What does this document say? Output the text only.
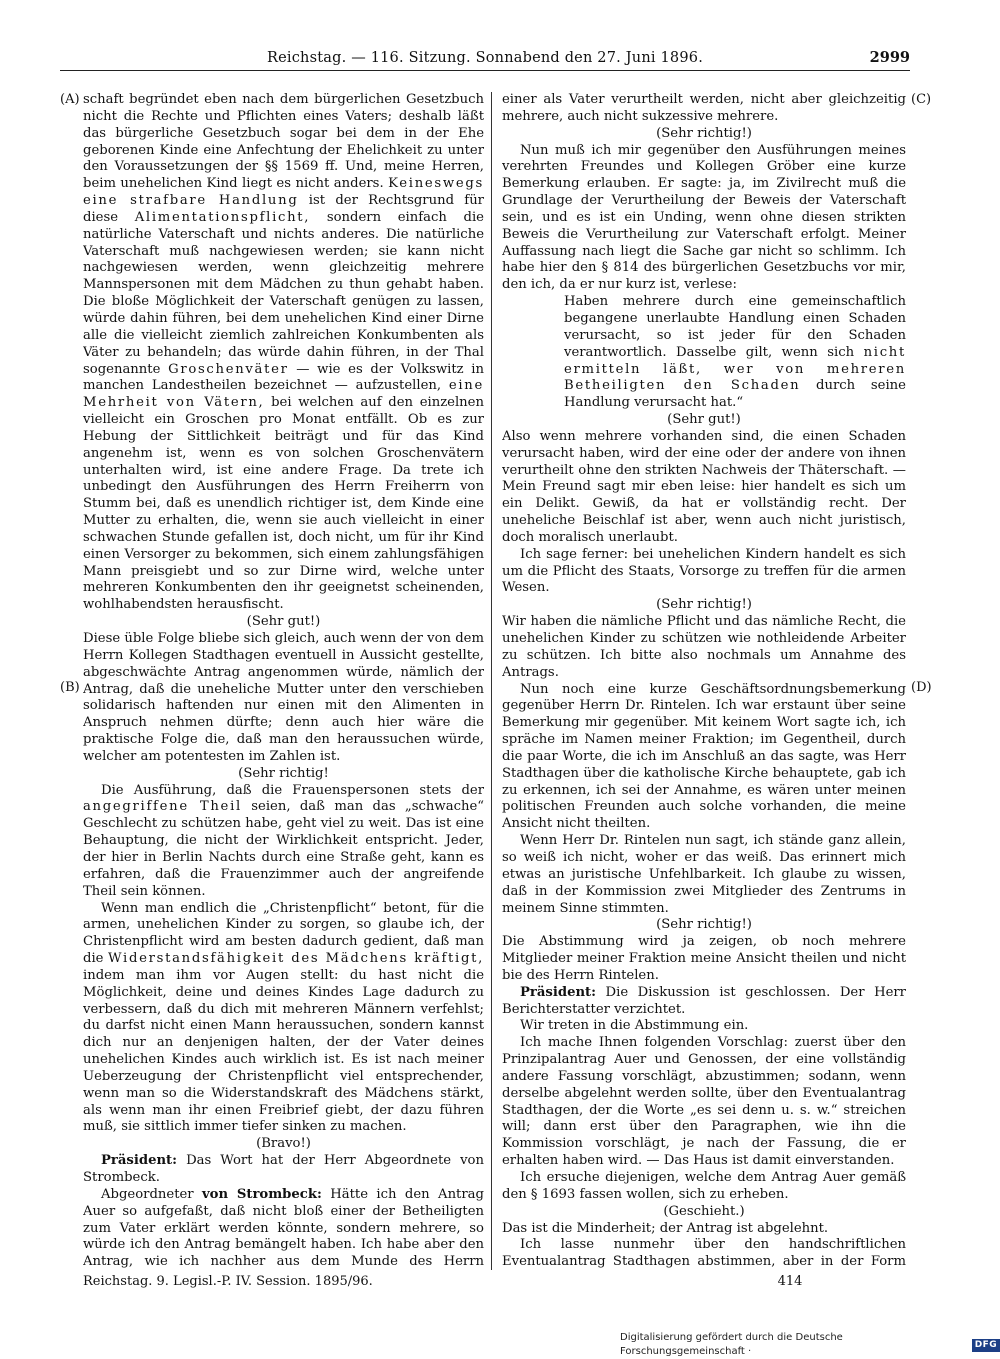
Reichstag. — 116. Sitzung. Sonnabend den 27. Juni 1896.	2999
(A)
(B)
(C)
(D)

schaft begründet eben nach dem bürgerlichen Gesetzbuch nicht die Rechte und Pflichten eines Vaters; deshalb läßt das bürgerliche Gesetzbuch sogar bei dem in der Ehe geborenen Kinde eine Anfechtung der Ehelichkeit zu unter den Voraussetzungen der §§ 1569 ff. Und, meine Herren, beim unehelichen Kind liegt es nicht anders. Keineswegs eine strafbare Handlung ist der Rechtsgrund für diese Alimentationspflicht, sondern einfach die natürliche Vaterschaft und nichts anderes. Die natürliche Vaterschaft muß nachgewiesen werden; sie kann nicht nachgewiesen werden, wenn gleichzeitig mehrere Mannspersonen mit dem Mädchen zu thun gehabt haben. Die bloße Möglichkeit der Vaterschaft genügen zu lassen, würde dahin führen, bei dem unehelichen Kind einer Dirne alle die vielleicht ziemlich zahlreichen Konkumbenten als Väter zu behandeln; das würde dahin führen, in der Thal sogenannte Groschenväter — wie es der Volkswitz in manchen Landestheilen bezeichnet — aufzustellen, eine Mehrheit von Vätern, bei welchen auf den einzelnen vielleicht ein Groschen pro Monat entfällt. Ob es zur Hebung der Sittlichkeit beiträgt und für das Kind angenehm ist, wenn es von solchen Groschenvätern unterhalten wird, ist eine andere Frage. Da trete ich unbedingt den Ausführungen des Herrn Freiherrn von Stumm bei, daß es unendlich richtiger ist, dem Kinde eine Mutter zu erhalten, die, wenn sie auch vielleicht in einer schwachen Stunde gefallen ist, doch nicht, um für ihr Kind einen Versorger zu bekommen, sich einem zahlungsfähigen Mann preisgiebt und so zur Dirne wird, welche unter mehreren Konkumbenten den ihr geeignetst scheinenden, wohlhabendsten herausfischt.

(Sehr gut!)

Diese üble Folge bliebe sich gleich, auch wenn der von dem Herrn Kollegen Stadthagen eventuell in Aussicht gestellte, abgeschwächte Antrag angenommen würde, nämlich der Antrag, daß die uneheliche Mutter unter den verschieben solidarisch haftenden nur einen mit den Alimenten in Anspruch nehmen dürfte; denn auch hier wäre die praktische Folge die, daß man den heraussuchen würde, welcher am potentesten im Zahlen ist.

(Sehr richtig!

Die Ausführung, daß die Frauenspersonen stets der angegriffene Theil seien, daß man das „schwache“ Geschlecht zu schützen habe, geht viel zu weit. Das ist eine Behauptung, die nicht der Wirklichkeit entspricht. Jeder, der hier in Berlin Nachts durch eine Straße geht, kann es erfahren, daß die Frauenzimmer auch der angreifende Theil sein können.

Wenn man endlich die „Christenpflicht“ betont, für die armen, unehelichen Kinder zu sorgen, so glaube ich, der Christenpflicht wird am besten dadurch gedient, daß man die Widerstandsfähigkeit des Mädchens kräftigt, indem man ihm vor Augen stellt: du hast nicht die Möglichkeit, deine und deines Kindes Lage dadurch zu verbessern, daß du dich mit mehreren Männern verfehlst; du darfst nicht einen Mann heraussuchen, sondern kannst dich nur an denjenigen halten, der der Vater deines unehelichen Kindes auch wirklich ist. Es ist nach meiner Ueberzeugung der Christenpflicht viel entsprechender, wenn man so die Widerstandskraft des Mädchens stärkt, als wenn man ihr einen Freibrief giebt, der dazu führen muß, sie sittlich immer tiefer sinken zu machen.

(Bravo!)

Präsident: Das Wort hat der Herr Abgeordnete von Strombeck.

Abgeordneter von Strombeck: Hätte ich den Antrag Auer so aufgefaßt, daß nicht bloß einer der Betheiligten zum Vater erklärt werden könnte, sondern mehrere, so würde ich den Antrag bemängelt haben. Ich habe aber den Antrag, wie ich nachher aus dem Munde des Herrn

einer als Vater verurtheilt werden, nicht aber gleichzeitig mehrere, auch nicht sukzessive mehrere.

(Sehr richtig!)

Nun muß ich mir gegenüber den Ausführungen meines verehrten Freundes und Kollegen Gröber eine kurze Bemerkung erlauben. Er sagte: ja, im Zivilrecht muß die Grundlage der Verurtheilung der Beweis der Vaterschaft sein, und es ist ein Unding, wenn ohne diesen strikten Beweis die Verurtheilung zur Vaterschaft erfolgt. Meiner Auffassung nach liegt die Sache gar nicht so schlimm. Ich habe hier den § 814 des bürgerlichen Gesetzbuchs vor mir, den ich, da er nur kurz ist, verlese:

Haben mehrere durch eine gemeinschaftlich begangene unerlaubte Handlung einen Schaden verursacht, so ist jeder für den Schaden verantwortlich. Dasselbe gilt, wenn sich nicht ermitteln läßt, wer von mehreren Betheiligten den Schaden durch seine Handlung verursacht hat.“

(Sehr gut!)

Also wenn mehrere vorhanden sind, die einen Schaden verursacht haben, wird der eine oder der andere von ihnen verurtheilt ohne den strikten Nachweis der Thäterschaft. — Mein Freund sagt mir eben leise: hier handelt es sich um ein Delikt. Gewiß, da hat er vollständig recht. Der uneheliche Beischlaf ist aber, wenn auch nicht juristisch, doch moralisch unerlaubt.

Ich sage ferner: bei unehelichen Kindern handelt es sich um die Pflicht des Staats, Vorsorge zu treffen für die armen Wesen.

(Sehr richtig!)

Wir haben die nämliche Pflicht und das nämliche Recht, die unehelichen Kinder zu schützen wie nothleidende Arbeiter zu schützen. Ich bitte also nochmals um Annahme des Antrags.

Nun noch eine kurze Geschäftsordnungsbemerkung gegenüber Herrn Dr. Rintelen. Ich war erstaunt über seine Bemerkung mir gegenüber. Mit keinem Wort sagte ich, ich spräche im Namen meiner Fraktion; im Gegentheil, durch die paar Worte, die ich im Anschluß an das sagte, was Herr Stadthagen über die katholische Kirche behauptete, gab ich zu erkennen, ich sei der Annahme, es wären unter meinen politischen Freunden auch solche vorhanden, die meine Ansicht nicht theilten.

Wenn Herr Dr. Rintelen nun sagt, ich stände ganz allein, so weiß ich nicht, woher er das weiß. Das erinnert mich etwas an juristische Unfehlbarkeit. Ich glaube zu wissen, daß in der Kommission zwei Mitglieder des Zentrums in meinem Sinne stimmten.

(Sehr richtig!)

Die Abstimmung wird ja zeigen, ob noch mehrere Mitglieder meiner Fraktion meine Ansicht theilen und nicht bie des Herrn Rintelen.

Präsident: Die Diskussion ist geschlossen. Der Herr Berichterstatter verzichtet.

Wir treten in die Abstimmung ein.

Ich mache Ihnen folgenden Vorschlag: zuerst über den Prinzipalantrag Auer und Genossen, der eine vollständig andere Fassung vorschlägt, abzustimmen; sodann, wenn derselbe abgelehnt werden sollte, über den Eventualantrag Stadthagen, der die Worte „es sei denn u. s. w.“ streichen will; dann erst über den Paragraphen, wie ihn die Kommission vorschlägt, je nach der Fassung, die er erhalten haben wird. — Das Haus ist damit einverstanden.

Ich ersuche diejenigen, welche dem Antrag Auer gemäß den § 1693 fassen wollen, sich zu erheben.

(Geschieht.)

Das ist die Minderheit; der Antrag ist abgelehnt.

Ich lasse nunmehr über den handschriftlichen Eventualantrag Stadthagen abstimmen, aber in der Form

Reichstag. 9. Legisl.-P. IV. Session. 1895/96.	414
Digitalisierung gefördert durch die Deutsche Forschungsgemeinschaft ·
DFG
